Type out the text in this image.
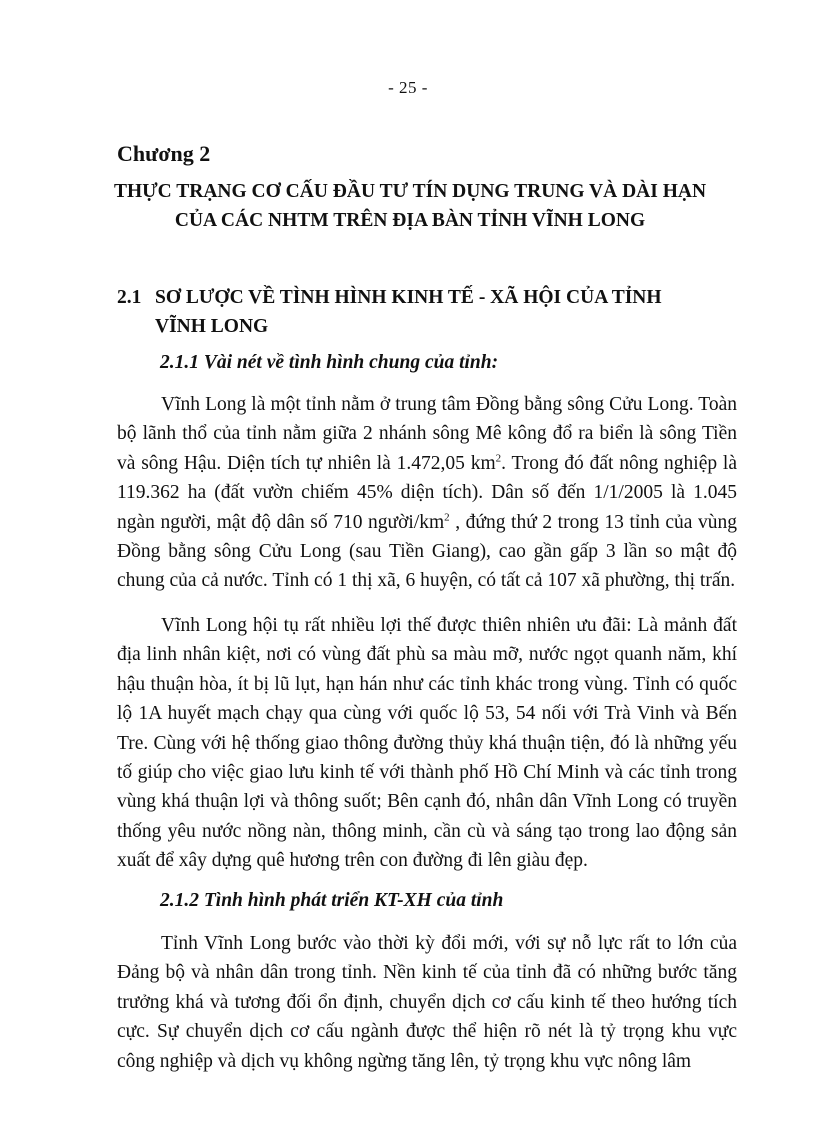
- 25 -
Chương 2
THỰC TRẠNG CƠ CẤU ĐẦU TƯ TÍN DỤNG TRUNG VÀ DÀI HẠN
CỦA CÁC NHTM TRÊN ĐỊA BÀN TỈNH VĨNH LONG
2.1 SƠ LƯỢC VỀ TÌNH HÌNH KINH TẾ - XÃ HỘI CỦA TỈNH
VĨNH LONG
2.1.1 Vài nét về tình hình chung của tỉnh:

Vĩnh Long là một tỉnh nằm ở trung tâm Đồng bằng sông Cửu Long. Toàn bộ lãnh thổ của tỉnh nằm giữa 2 nhánh sông Mê kông đổ ra biển là sông Tiền và sông Hậu. Diện tích tự nhiên là 1.472,05 $km^2$. Trong đó đất nông nghiệp là 119.362 ha (đất vườn chiếm 45% diện tích). Dân số đến 1/1/2005 là 1.045 ngàn người, mật độ dân số 710 người/$km^2$ , đứng thứ 2 trong 13 tỉnh của vùng Đồng bằng sông Cửu Long (sau Tiền Giang), cao gần gấp 3 lần so mật độ chung của cả nước. Tỉnh có 1 thị xã, 6 huyện, có tất cả 107 xã phường, thị trấn.

Vĩnh Long hội tụ rất nhiều lợi thế được thiên nhiên ưu đãi: Là mảnh đất địa linh nhân kiệt, nơi có vùng đất phù sa màu mỡ, nước ngọt quanh năm, khí hậu thuận hòa, ít bị lũ lụt, hạn hán như các tỉnh khác trong vùng. Tỉnh có quốc lộ 1A huyết mạch chạy qua cùng với quốc lộ 53, 54 nối với Trà Vinh và Bến Tre. Cùng với hệ thống giao thông đường thủy khá thuận tiện, đó là những yếu tố giúp cho việc giao lưu kinh tế với thành phố Hồ Chí Minh và các tỉnh trong vùng khá thuận lợi và thông suốt; Bên cạnh đó, nhân dân Vĩnh Long có truyền thống yêu nước nồng nàn, thông minh, cần cù và sáng tạo trong lao động sản xuất để xây dựng quê hương trên con đường đi lên giàu đẹp.

2.1.2 Tình hình phát triển KT-XH của tỉnh

Tỉnh Vĩnh Long bước vào thời kỳ đổi mới, với sự nỗ lực rất to lớn của Đảng bộ và nhân dân trong tỉnh. Nền kinh tế của tỉnh đã có những bước tăng trưởng khá và tương đối ổn định, chuyển dịch cơ cấu kinh tế theo hướng tích cực. Sự chuyển dịch cơ cấu ngành được thể hiện rõ nét là tỷ trọng khu vực công nghiệp và dịch vụ không ngừng tăng lên, tỷ trọng khu vực nông lâm
